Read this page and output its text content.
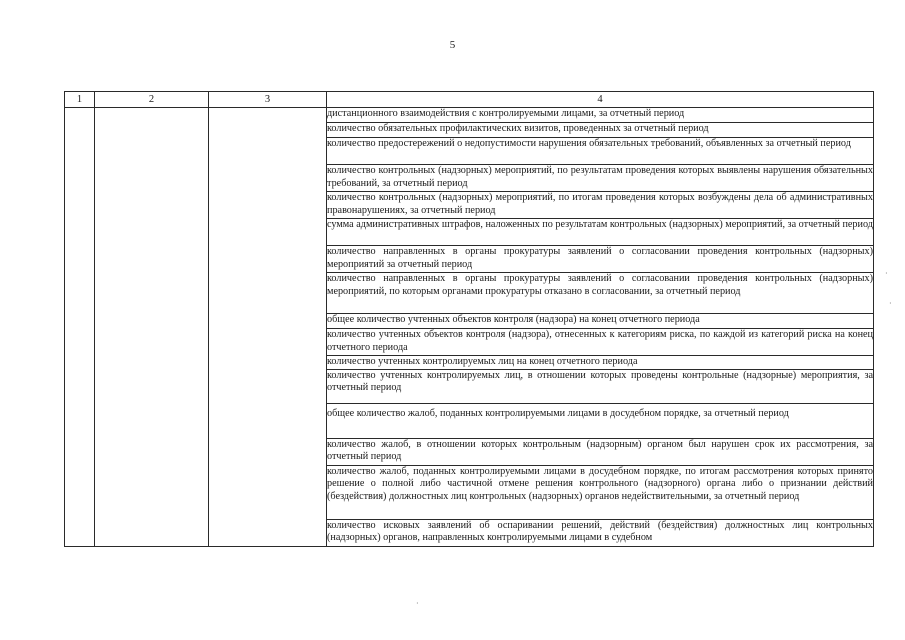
5
1	2	3	4
			дистанционного взаимодействия с контролируемыми лицами, за отчетный период
			количество обязательных профилактических визитов, проведенных за отчетный период
			количество предостережений о недопустимости нарушения обязательных требований, объявленных за отчетный период
			количество контрольных (надзорных) мероприятий, по результатам проведения которых выявлены нарушения обязательных требований, за отчетный период
			количество контрольных (надзорных) мероприятий, по итогам проведения которых возбуждены дела об административных правонарушениях, за отчетный период
			сумма административных штрафов, наложенных по результатам контрольных (надзорных) мероприятий, за отчетный период
			количество направленных в органы прокуратуры заявлений о согласовании проведения контрольных (надзорных) мероприятий за отчетный период
			количество направленных в органы прокуратуры заявлений о согласовании проведения контрольных (надзорных) мероприятий, по которым органами прокуратуры отказано в согласовании, за отчетный период
			общее количество учтенных объектов контроля (надзора) на конец отчетного периода
			количество учтенных объектов контроля (надзора), отнесенных к категориям риска, по каждой из категорий риска на конец отчетного периода
			количество учтенных контролируемых лиц на конец отчетного периода
			количество учтенных контролируемых лиц, в отношении которых проведены контрольные (надзорные) мероприятия, за отчетный период
			общее количество жалоб, поданных контролируемыми лицами в досудебном порядке, за отчетный период
			количество жалоб, в отношении которых контрольным (надзорным) органом был нарушен срок их рассмотрения, за отчетный период
			количество жалоб, поданных контролируемыми лицами в досудебном порядке, по итогам рассмотрения которых принято решение о полной либо частичной отмене решения контрольного (надзорного) органа либо о признании действий (бездействия) должностных лиц контрольных (надзорных) органов недействительными, за отчетный период
			количество исковых заявлений об оспаривании решений, действий (бездействия) должностных лиц контрольных (надзорных) органов, направленных контролируемыми лицами в судебном
·
·
·
